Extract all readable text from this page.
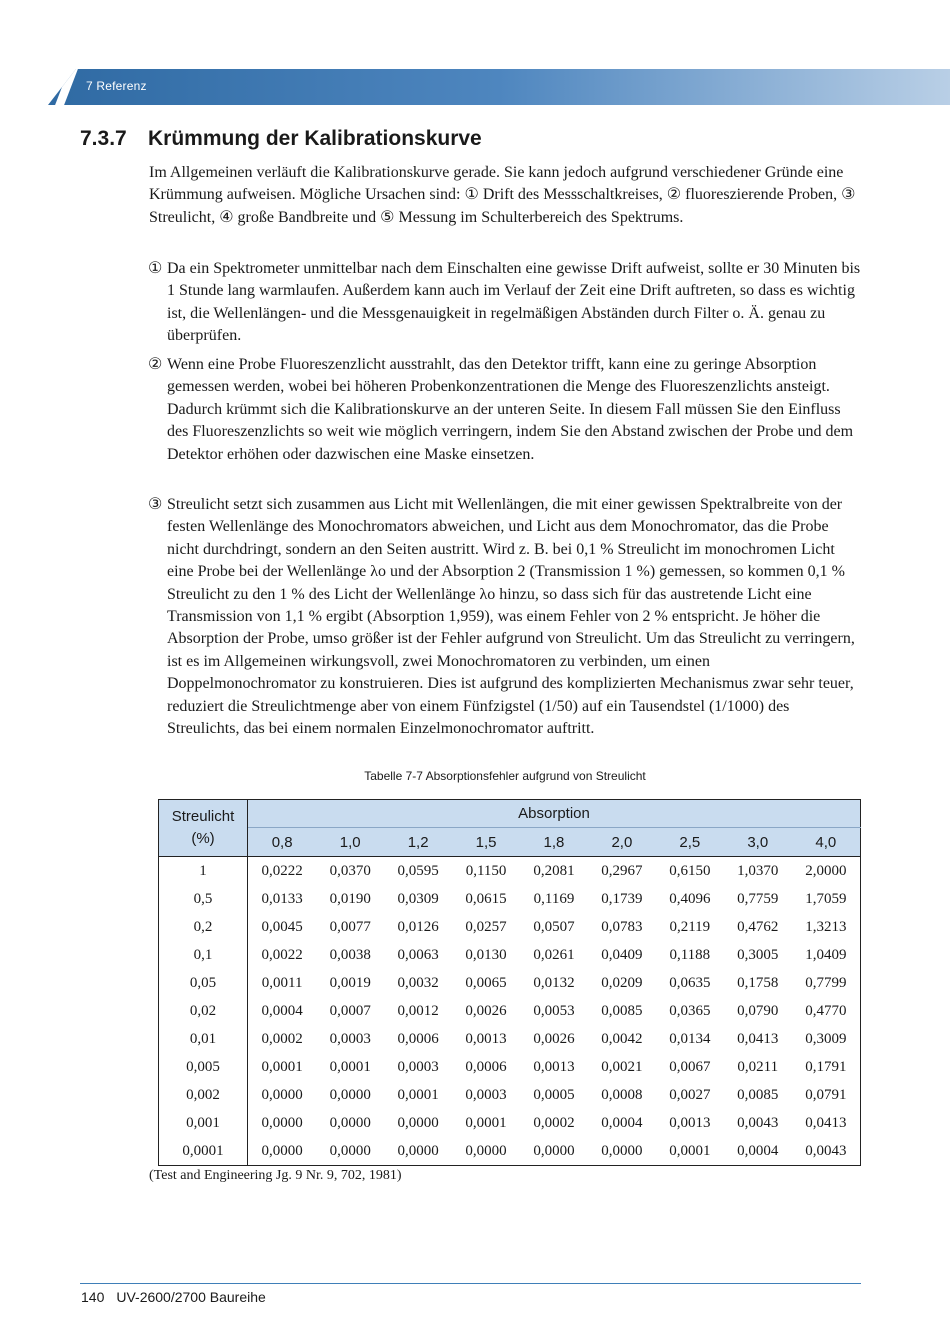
7 Referenz
7.3.7 Krümmung der Kalibrationskurve
Im Allgemeinen verläuft die Kalibrationskurve gerade. Sie kann jedoch aufgrund verschiedener Gründe eine Krümmung aufweisen. Mögliche Ursachen sind: ① Drift des Messschaltkreises, ② fluoreszierende Proben, ③ Streulicht, ④ große Bandbreite und ⑤ Messung im Schulterbereich des Spektrums.
① Da ein Spektrometer unmittelbar nach dem Einschalten eine gewisse Drift aufweist, sollte er 30 Minuten bis 1 Stunde lang warmlaufen. Außerdem kann auch im Verlauf der Zeit eine Drift auftreten, so dass es wichtig ist, die Wellenlängen- und die Messgenauigkeit in regelmäßigen Abständen durch Filter o. Ä. genau zu überprüfen.
② Wenn eine Probe Fluoreszenzlicht ausstrahlt, das den Detektor trifft, kann eine zu geringe Absorption gemessen werden, wobei bei höheren Probenkonzentrationen die Menge des Fluoreszenzlichts ansteigt. Dadurch krümmt sich die Kalibrationskurve an der unteren Seite. In diesem Fall müssen Sie den Einfluss des Fluoreszenzlichts so weit wie möglich verringern, indem Sie den Abstand zwischen der Probe und dem Detektor erhöhen oder dazwischen eine Maske einsetzen.
③ Streulicht setzt sich zusammen aus Licht mit Wellenlängen, die mit einer gewissen Spektralbreite von der festen Wellenlänge des Monochromators abweichen, und Licht aus dem Monochromator, das die Probe nicht durchdringt, sondern an den Seiten austritt. Wird z. B. bei 0,1 % Streulicht im monochromen Licht eine Probe bei der Wellenlänge λo und der Absorption 2 (Transmission 1 %) gemessen, so kommen 0,1 % Streulicht zu den 1 % des Licht der Wellenlänge λo hinzu, so dass sich für das austretende Licht eine Transmission von 1,1 % ergibt (Absorption 1,959), was einem Fehler von 2 % entspricht. Je höher die Absorption der Probe, umso größer ist der Fehler aufgrund von Streulicht. Um das Streulicht zu verringern, ist es im Allgemeinen wirkungsvoll, zwei Monochromatoren zu verbinden, um einen Doppelmonochromator zu konstruieren. Dies ist aufgrund des komplizierten Mechanismus zwar sehr teuer, reduziert die Streulichtmenge aber von einem Fünfzigstel (1/50) auf ein Tausendstel (1/1000) des Streulichts, das bei einem normalen Einzelmonochromator auftritt.
Tabelle 7-7 Absorptionsfehler aufgrund von Streulicht
Streulicht
(%)	Absorption								
	0,8	1,0	1,2	1,5	1,8	2,0	2,5	3,0	4,0
1	0,0222	0,0370	0,0595	0,1150	0,2081	0,2967	0,6150	1,0370	2,0000
0,5	0,0133	0,0190	0,0309	0,0615	0,1169	0,1739	0,4096	0,7759	1,7059
0,2	0,0045	0,0077	0,0126	0,0257	0,0507	0,0783	0,2119	0,4762	1,3213
0,1	0,0022	0,0038	0,0063	0,0130	0,0261	0,0409	0,1188	0,3005	1,0409
0,05	0,0011	0,0019	0,0032	0,0065	0,0132	0,0209	0,0635	0,1758	0,7799
0,02	0,0004	0,0007	0,0012	0,0026	0,0053	0,0085	0,0365	0,0790	0,4770
0,01	0,0002	0,0003	0,0006	0,0013	0,0026	0,0042	0,0134	0,0413	0,3009
0,005	0,0001	0,0001	0,0003	0,0006	0,0013	0,0021	0,0067	0,0211	0,1791
0,002	0,0000	0,0000	0,0001	0,0003	0,0005	0,0008	0,0027	0,0085	0,0791
0,001	0,0000	0,0000	0,0000	0,0001	0,0002	0,0004	0,0013	0,0043	0,0413
0,0001	0,0000	0,0000	0,0000	0,0000	0,0000	0,0000	0,0001	0,0004	0,0043
(Test and Engineering Jg. 9 Nr. 9, 702, 1981)
140 UV-2600/2700 Baureihe
